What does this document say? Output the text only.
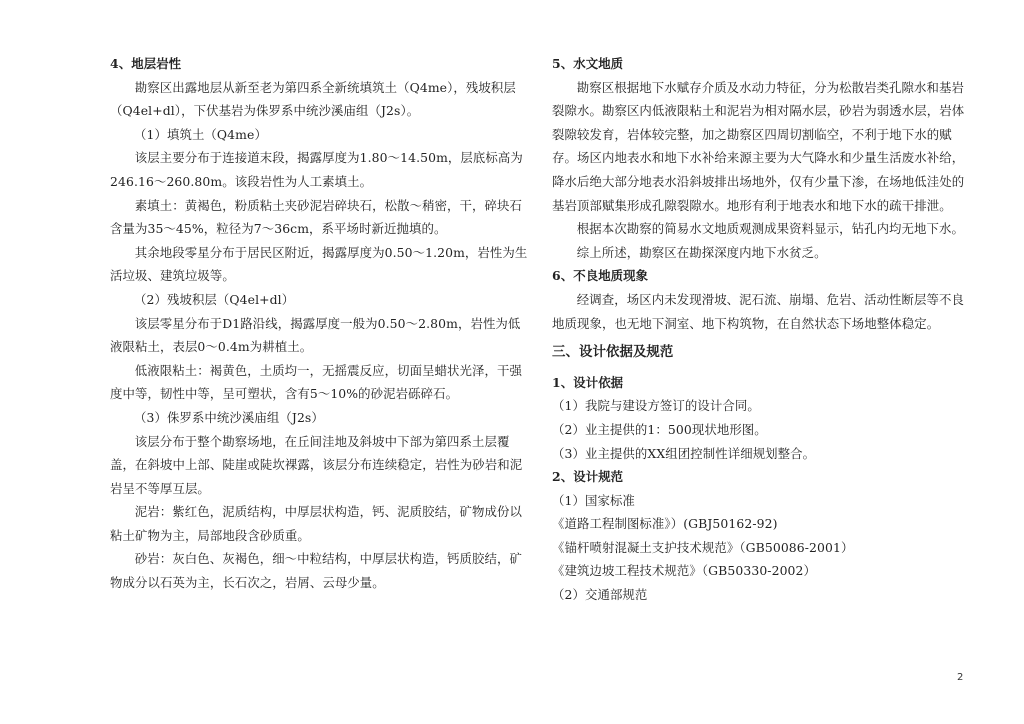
4、地层岩性

勘察区出露地层从新至老为第四系全新统填筑土（Q4me），残坡积层（Q4el+dl），下伏基岩为侏罗系中统沙溪庙组（J2s）。

（1）填筑土（Q4me）

该层主要分布于连接道末段，揭露厚度为1.80～14.50m，层底标高为246.16～260.80m。该段岩性为人工素填土。

素填土：黄褐色，粉质粘土夹砂泥岩碎块石，松散～稍密，干，碎块石含量为35～45%，粒径为7～36cm，系平场时新近抛填的。

其余地段零星分布于居民区附近，揭露厚度为0.50～1.20m，岩性为生活垃圾、建筑垃圾等。

（2）残坡积层（Q4el+dl）

该层零星分布于D1路沿线，揭露厚度一般为0.50～2.80m，岩性为低液限粘土，表层0～0.4m为耕植土。

低液限粘土：褐黄色，土质均一，无摇震反应，切面呈蜡状光泽，干强度中等，韧性中等，呈可塑状，含有5～10%的砂泥岩砾碎石。

（3）侏罗系中统沙溪庙组（J2s）

该层分布于整个勘察场地，在丘间洼地及斜坡中下部为第四系土层覆盖，在斜坡中上部、陡崖或陡坎裸露，该层分布连续稳定，岩性为砂岩和泥岩呈不等厚互层。

泥岩：紫红色，泥质结构，中厚层状构造，钙、泥质胶结，矿物成份以粘土矿物为主，局部地段含砂质重。

砂岩：灰白色、灰褐色，细～中粒结构，中厚层状构造，钙质胶结，矿物成分以石英为主，长石次之，岩屑、云母少量。

5、水文地质

勘察区根据地下水赋存介质及水动力特征，分为松散岩类孔隙水和基岩裂隙水。勘察区内低液限粘土和泥岩为相对隔水层，砂岩为弱透水层，岩体裂隙较发育，岩体较完整，加之勘察区四周切割临空，不利于地下水的赋存。场区内地表水和地下水补给来源主要为大气降水和少量生活废水补给，降水后绝大部分地表水沿斜坡排出场地外，仅有少量下渗，在场地低洼处的基岩顶部赋集形成孔隙裂隙水。地形有利于地表水和地下水的疏干排泄。

根据本次勘察的简易水文地质观测成果资料显示，钻孔内均无地下水。

综上所述，勘察区在勘探深度内地下水贫乏。

6、不良地质现象

经调查，场区内未发现滑坡、泥石流、崩塌、危岩、活动性断层等不良地质现象，也无地下洞室、地下构筑物，在自然状态下场地整体稳定。

三、设计依据及规范

1、设计依据

（1）我院与建设方签订的设计合同。

（2）业主提供的1：500现状地形图。

（3）业主提供的XX组团控制性详细规划整合。

2、设计规范

（1）国家标准

《道路工程制图标准》）(GBJ50162-92)

《锚杆喷射混凝土支护技术规范》（GB50086-2001）

《建筑边坡工程技术规范》（GB50330-2002）

（2）交通部规范

2
